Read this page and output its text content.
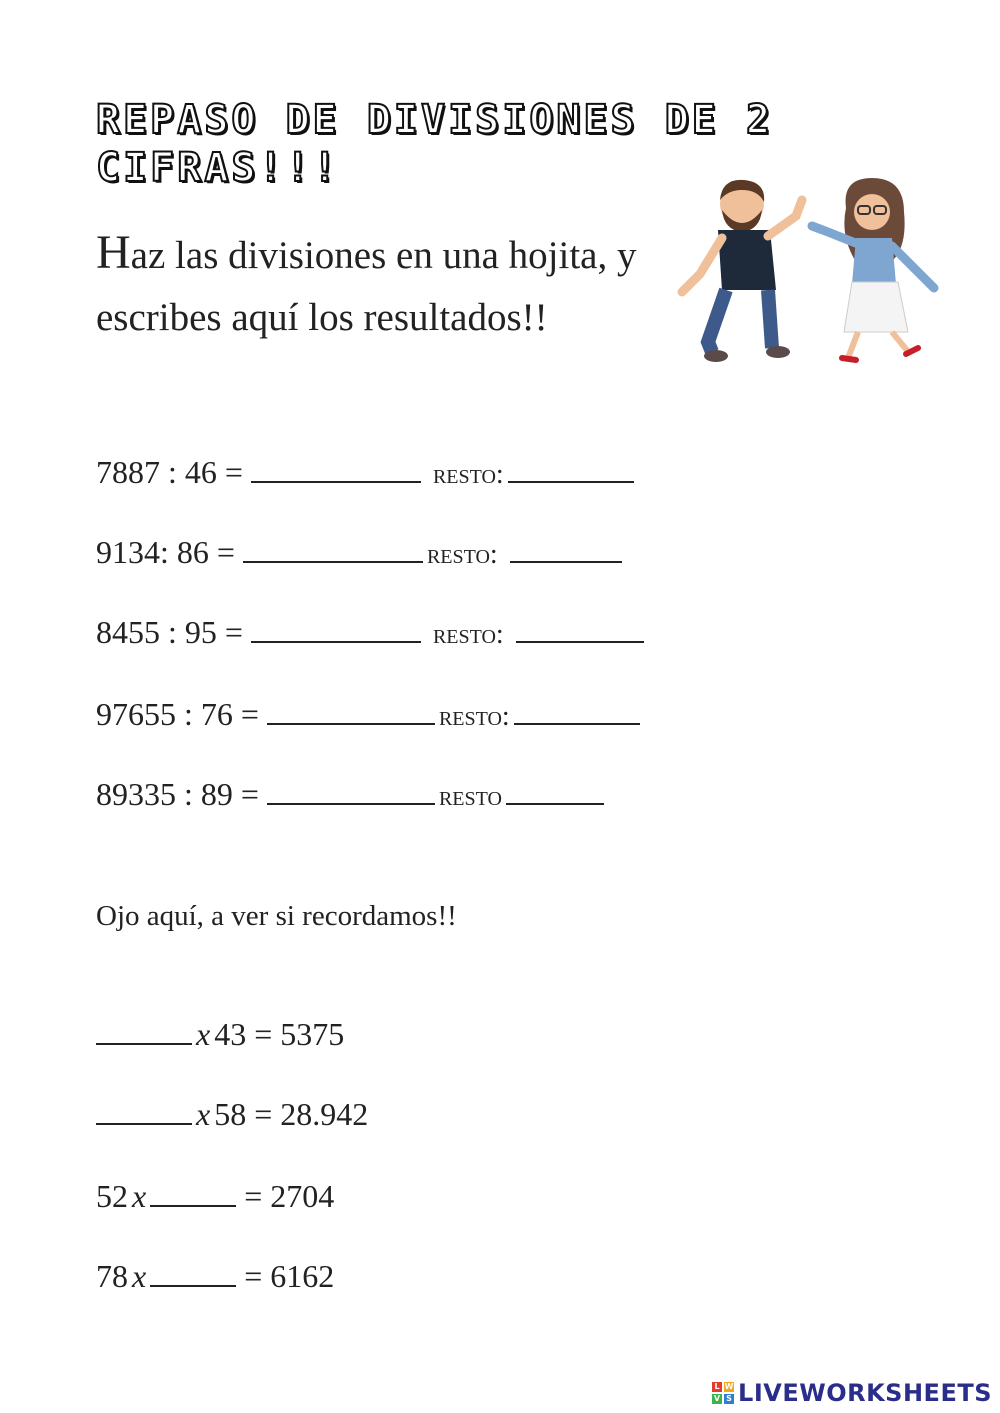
REPASO DE DIVISIONES DE 2 CIFRAS!!!
Haz las divisiones en una hojita, y escribes aquí los resultados!!
7887 : 46 =	resto:
9134: 86 =	resto:
8455 : 95 =	resto:
97655 : 76 =	resto:
89335 : 89 =	resto
Ojo aquí, a ver si recordamos!!
x 43 = 5375
x 58 = 28.942
52 x	= 2704
78 x	= 6162
L W
V S LIVEWORKSHEETS
